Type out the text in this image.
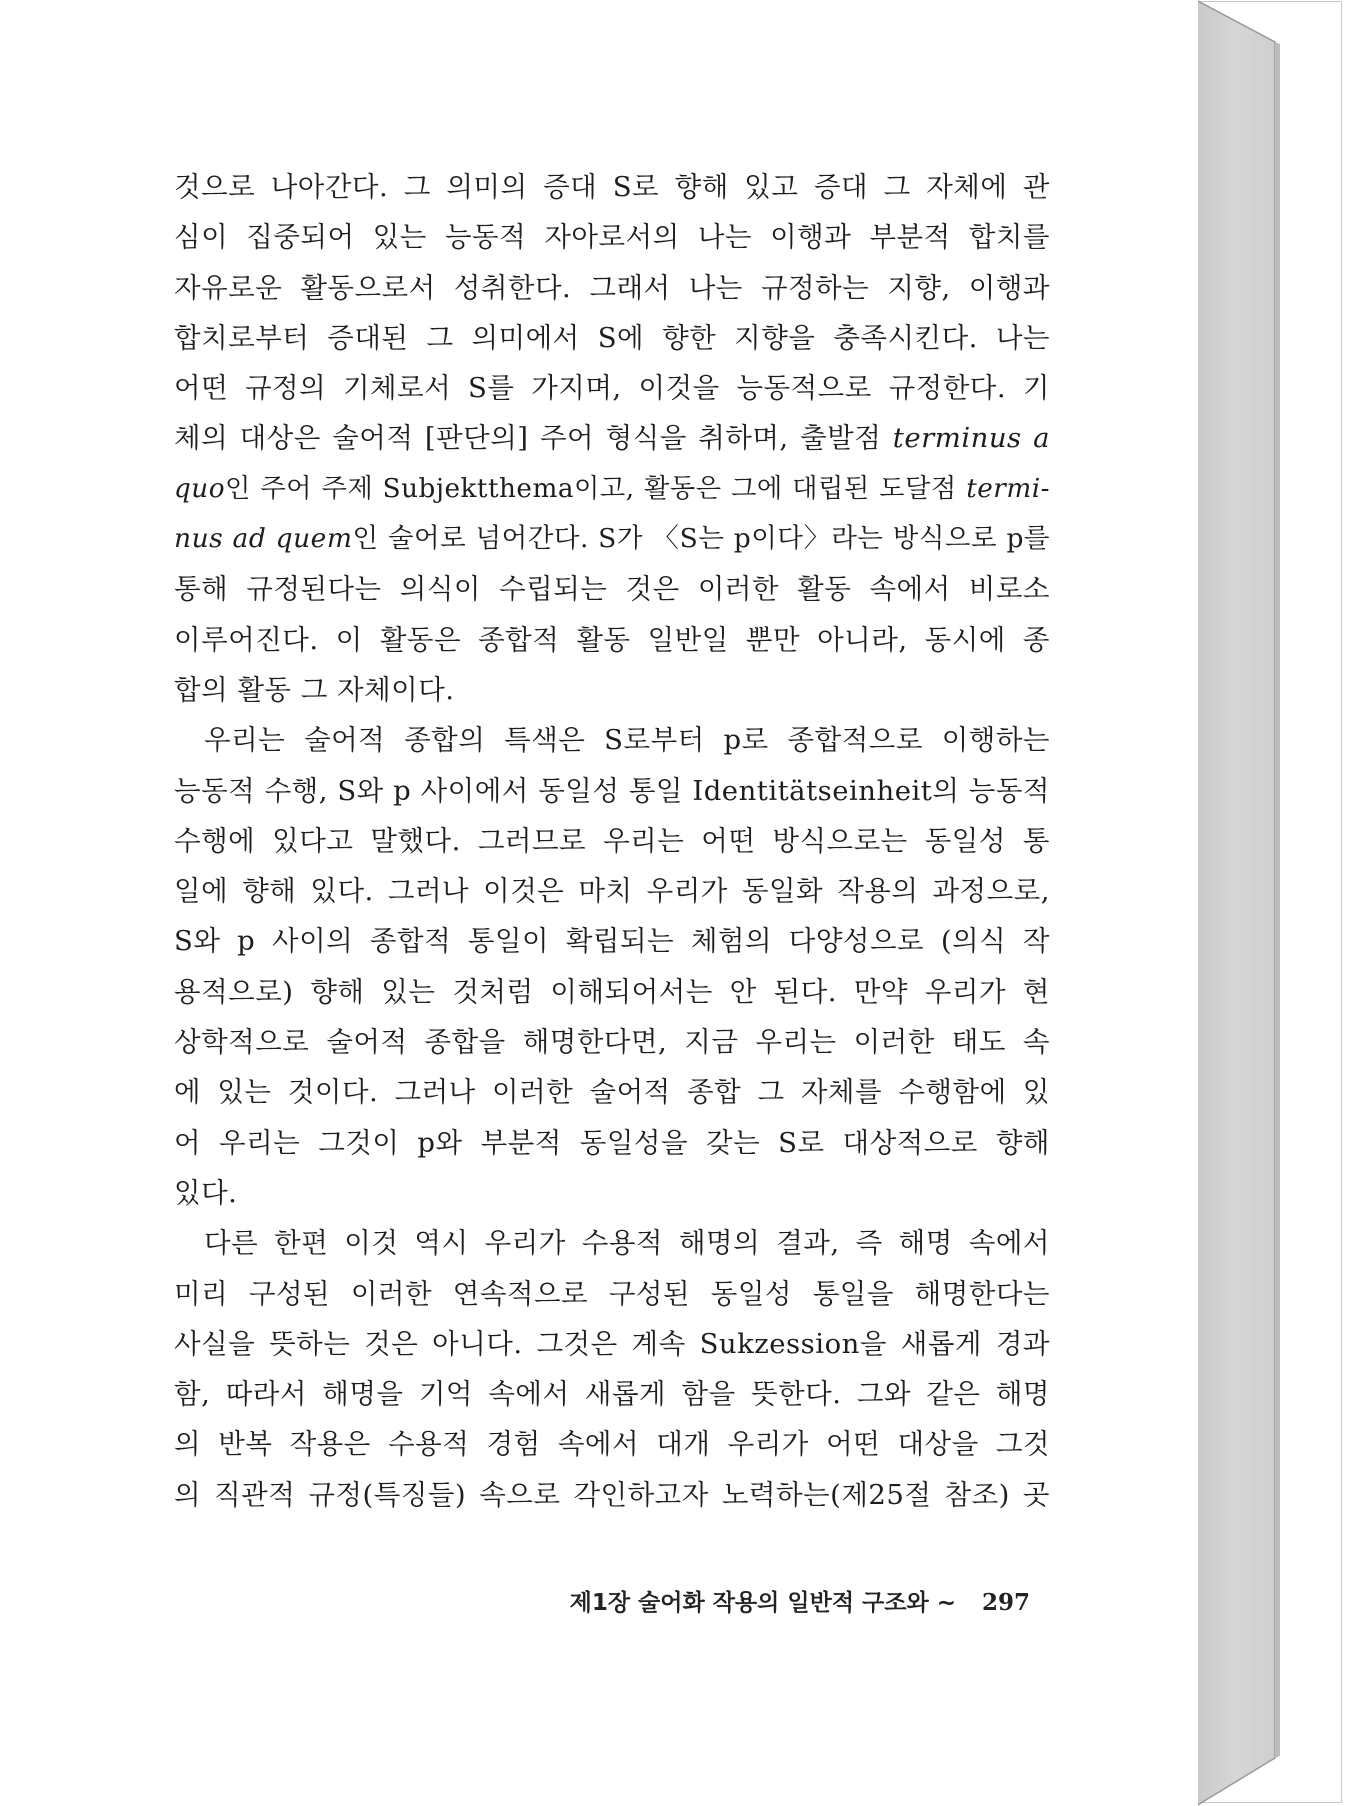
것으로 나아간다. 그 의미의 증대 S로 향해 있고 증대 그 자체에 관
심이 집중되어 있는 능동적 자아로서의 나는 이행과 부분적 합치를
자유로운 활동으로서 성취한다. 그래서 나는 규정하는 지향, 이행과
합치로부터 증대된 그 의미에서 S에 향한 지향을 충족시킨다. 나는
어떤 규정의 기체로서 S를 가지며, 이것을 능동적으로 규정한다. 기
체의 대상은 술어적 [판단의] 주어 형식을 취하며, 출발점 terminus a
quo인 주어 주제 Subjektthema이고, 활동은 그에 대립된 도달점 termi-
nus ad quem인 술어로 넘어간다. S가 〈S는 p이다〉라는 방식으로 p를
통해 규정된다는 의식이 수립되는 것은 이러한 활동 속에서 비로소
이루어진다. 이 활동은 종합적 활동 일반일 뿐만 아니라, 동시에 종
합의 활동 그 자체이다.
우리는 술어적 종합의 특색은 S로부터 p로 종합적으로 이행하는
능동적 수행, S와 p 사이에서 동일성 통일 Identitätseinheit의 능동적
수행에 있다고 말했다. 그러므로 우리는 어떤 방식으로는 동일성 통
일에 향해 있다. 그러나 이것은 마치 우리가 동일화 작용의 과정으로,
S와 p 사이의 종합적 통일이 확립되는 체험의 다양성으로 (의식 작
용적으로) 향해 있는 것처럼 이해되어서는 안 된다. 만약 우리가 현
상학적으로 술어적 종합을 해명한다면, 지금 우리는 이러한 태도 속
에 있는 것이다. 그러나 이러한 술어적 종합 그 자체를 수행함에 있
어 우리는 그것이 p와 부분적 동일성을 갖는 S로 대상적으로 향해
있다.
다른 한편 이것 역시 우리가 수용적 해명의 결과, 즉 해명 속에서
미리 구성된 이러한 연속적으로 구성된 동일성 통일을 해명한다는
사실을 뜻하는 것은 아니다. 그것은 계속 Sukzession을 새롭게 경과
함, 따라서 해명을 기억 속에서 새롭게 함을 뜻한다. 그와 같은 해명
의 반복 작용은 수용적 경험 속에서 대개 우리가 어떤 대상을 그것
의 직관적 규정(특징들) 속으로 각인하고자 노력하는(제25절 참조) 곳
제1장 술어화 작용의 일반적 구조와 ~ 297
